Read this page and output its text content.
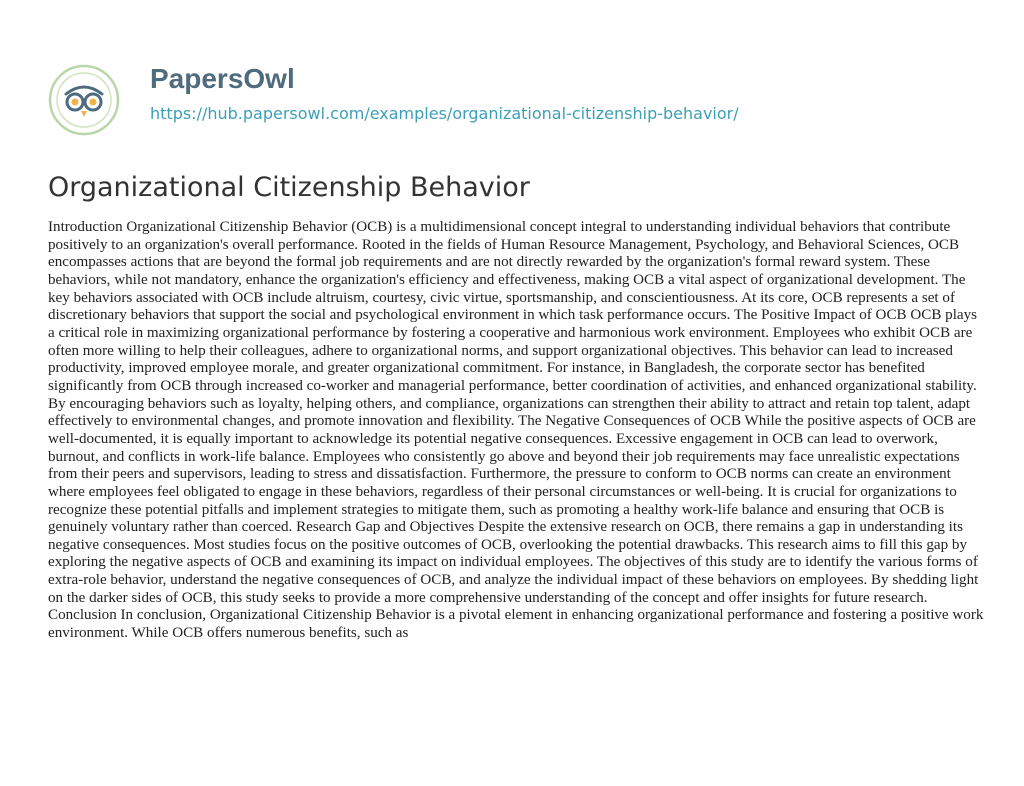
PapersOwl
https://hub.papersowl.com/examples/organizational-citizenship-behavior/
Organizational Citizenship Behavior

Introduction Organizational Citizenship Behavior (OCB) is a multidimensional concept integral to understanding individual behaviors that contribute positively to an organization's overall performance. Rooted in the fields of Human Resource Management, Psychology, and Behavioral Sciences, OCB encompasses actions that are beyond the formal job requirements and are not directly rewarded by the organization's formal reward system. These behaviors, while not mandatory, enhance the organization's efficiency and effectiveness, making OCB a vital aspect of organizational development. The key behaviors associated with OCB include altruism, courtesy, civic virtue, sportsmanship, and conscientiousness. At its core, OCB represents a set of discretionary behaviors that support the social and psychological environment in which task performance occurs. The Positive Impact of OCB OCB plays a critical role in maximizing organizational performance by fostering a cooperative and harmonious work environment. Employees who exhibit OCB are often more willing to help their colleagues, adhere to organizational norms, and support organizational objectives. This behavior can lead to increased productivity, improved employee morale, and greater organizational commitment. For instance, in Bangladesh, the corporate sector has benefited significantly from OCB through increased co-worker and managerial performance, better coordination of activities, and enhanced organizational stability. By encouraging behaviors such as loyalty, helping others, and compliance, organizations can strengthen their ability to attract and retain top talent, adapt effectively to environmental changes, and promote innovation and flexibility. The Negative Consequences of OCB While the positive aspects of OCB are well-documented, it is equally important to acknowledge its potential negative consequences. Excessive engagement in OCB can lead to overwork, burnout, and conflicts in work-life balance. Employees who consistently go above and beyond their job requirements may face unrealistic expectations from their peers and supervisors, leading to stress and dissatisfaction. Furthermore, the pressure to conform to OCB norms can create an environment where employees feel obligated to engage in these behaviors, regardless of their personal circumstances or well-being. It is crucial for organizations to recognize these potential pitfalls and implement strategies to mitigate them, such as promoting a healthy work-life balance and ensuring that OCB is genuinely voluntary rather than coerced. Research Gap and Objectives Despite the extensive research on OCB, there remains a gap in understanding its negative consequences. Most studies focus on the positive outcomes of OCB, overlooking the potential drawbacks. This research aims to fill this gap by exploring the negative aspects of OCB and examining its impact on individual employees. The objectives of this study are to identify the various forms of extra-role behavior, understand the negative consequences of OCB, and analyze the individual impact of these behaviors on employees. By shedding light on the darker sides of OCB, this study seeks to provide a more comprehensive understanding of the concept and offer insights for future research. Conclusion In conclusion, Organizational Citizenship Behavior is a pivotal element in enhancing organizational performance and fostering a positive work environment. While OCB offers numerous benefits, such as
